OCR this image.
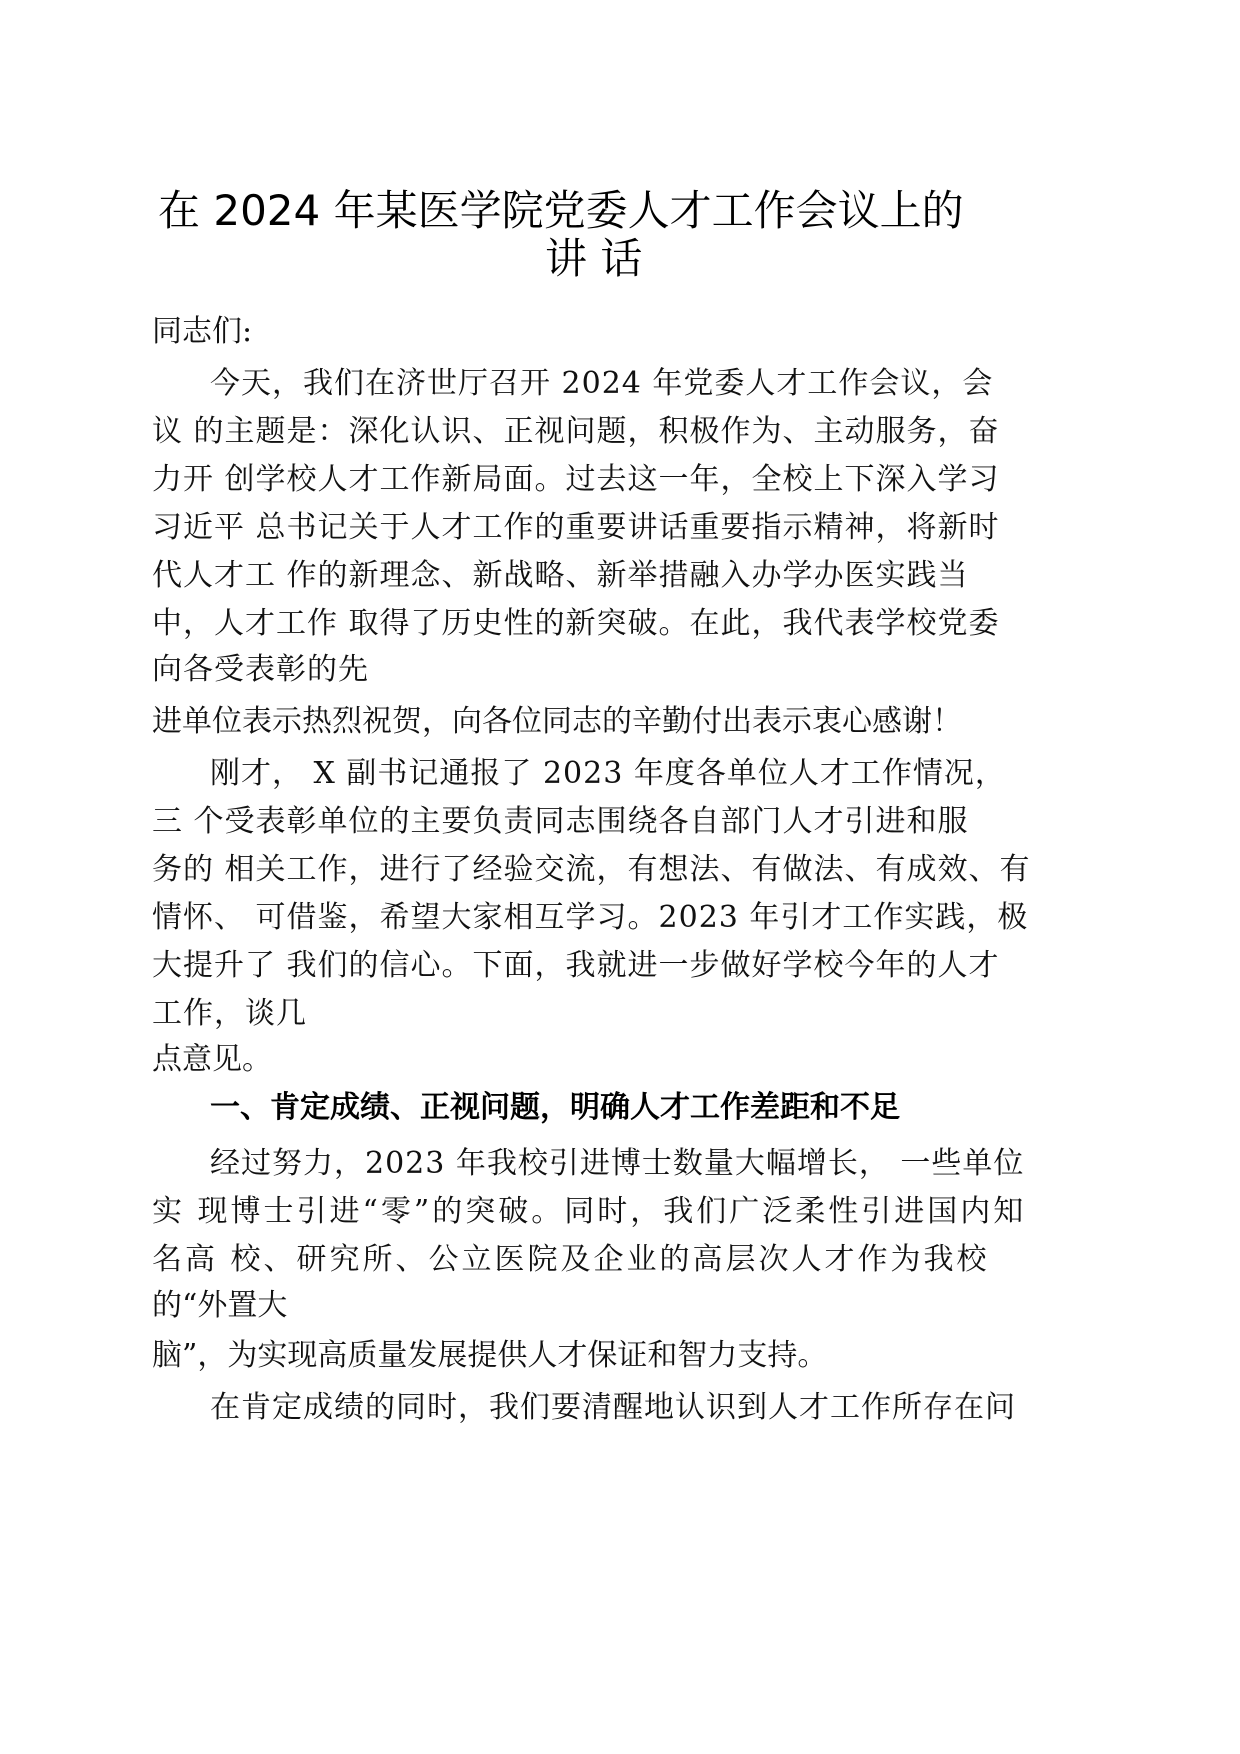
在 2024 年某医学院党委人才工作会议上的
讲 话
同志们:
今天，我们在济世厅召开 2024 年党委人才工作会议，会
议 的主题是：深化认识、正视问题，积极作为、主动服务，奋
力开 创学校人才工作新局面。过去这一年，全校上下深入学习
习近平 总书记关于人才工作的重要讲话重要指示精神，将新时
代人才工 作的新理念、新战略、新举措融入办学办医实践当
中，人才工作 取得了历史性的新突破。在此，我代表学校党委
向各受表彰的先
进单位表示热烈祝贺，向各位同志的辛勤付出表示衷心感谢！
刚才， X 副书记通报了 2023 年度各单位人才工作情况，
三 个受表彰单位的主要负责同志围绕各自部门人才引进和服
务的 相关工作，进行了经验交流，有想法、有做法、有成效、有
情怀、 可借鉴，希望大家相互学习。2023 年引才工作实践，极
大提升了 我们的信心。下面，我就进一步做好学校今年的人才
工作，谈几
点意见。
一、肯定成绩、正视问题，明确人才工作差距和不足
经过努力，2023 年我校引进博士数量大幅增长， 一些单位
实 现博士引进“零”的突破。同时，我们广泛柔性引进国内知
名高 校、研究所、公立医院及企业的高层次人才作为我校
的“外置大
脑”，为实现高质量发展提供人才保证和智力支持。
在肯定成绩的同时，我们要清醒地认识到人才工作所存在问
